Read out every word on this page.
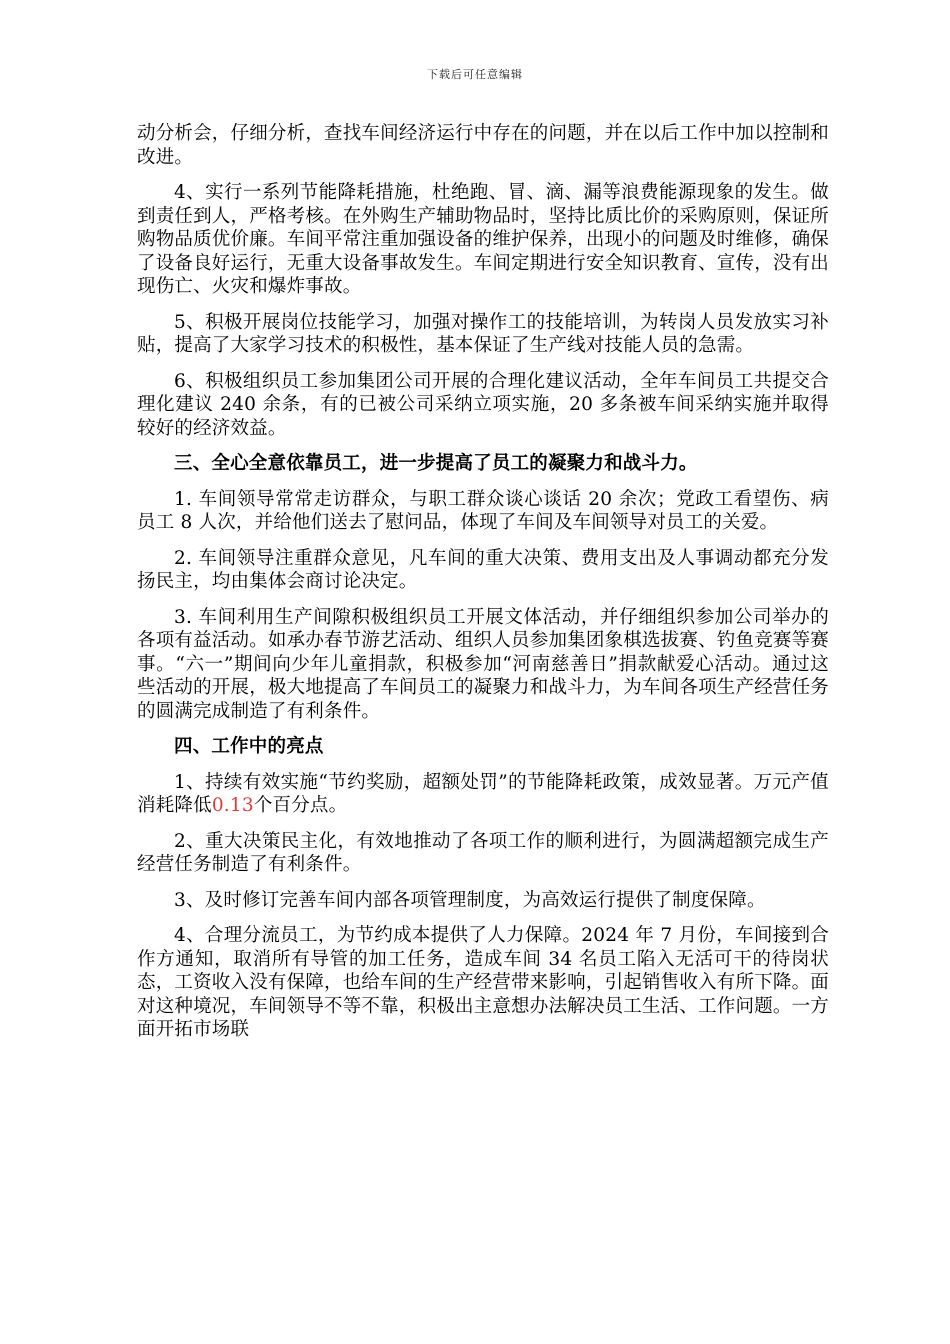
下载后可任意编辑

动分析会，仔细分析，查找车间经济运行中存在的问题，并在以后工作中加以控制和改进。

4、实行一系列节能降耗措施，杜绝跑、冒、滴、漏等浪费能源现象的发生。做到责任到人，严格考核。在外购生产辅助物品时，坚持比质比价的采购原则，保证所购物品质优价廉。车间平常注重加强设备的维护保养，出现小的问题及时维修，确保了设备良好运行，无重大设备事故发生。车间定期进行安全知识教育、宣传，没有出现伤亡、火灾和爆炸事故。

5、积极开展岗位技能学习，加强对操作工的技能培训，为转岗人员发放实习补贴，提高了大家学习技术的积极性，基本保证了生产线对技能人员的急需。

6、积极组织员工参加集团公司开展的合理化建议活动，全年车间员工共提交合理化建议 240 余条，有的已被公司采纳立项实施，20 多条被车间采纳实施并取得较好的经济效益。

三、全心全意依靠员工，进一步提高了员工的凝聚力和战斗力。

1. 车间领导常常走访群众，与职工群众谈心谈话 20 余次；党政工看望伤、病员工 8 人次，并给他们送去了慰问品，体现了车间及车间领导对员工的关爱。

2. 车间领导注重群众意见，凡车间的重大决策、费用支出及人事调动都充分发扬民主，均由集体会商讨论决定。

3. 车间利用生产间隙积极组织员工开展文体活动，并仔细组织参加公司举办的各项有益活动。如承办春节游艺活动、组织人员参加集团象棋选拔赛、钓鱼竞赛等赛事。“六一”期间向少年儿童捐款，积极参加“河南慈善日”捐款献爱心活动。通过这些活动的开展，极大地提高了车间员工的凝聚力和战斗力，为车间各项生产经营任务的圆满完成制造了有利条件。

四、工作中的亮点

1、持续有效实施“节约奖励，超额处罚”的节能降耗政策，成效显著。万元产值消耗降低0.13个百分点。

2、重大决策民主化，有效地推动了各项工作的顺利进行，为圆满超额完成生产经营任务制造了有利条件。

3、及时修订完善车间内部各项管理制度，为高效运行提供了制度保障。

4、合理分流员工，为节约成本提供了人力保障。2024 年 7 月份，车间接到合作方通知，取消所有导管的加工任务，造成车间 34 名员工陷入无活可干的待岗状态，工资收入没有保障，也给车间的生产经营带来影响，引起销售收入有所下降。面对这种境况，车间领导不等不靠，积极出主意想办法解决员工生活、工作问题。一方面开拓市场联
